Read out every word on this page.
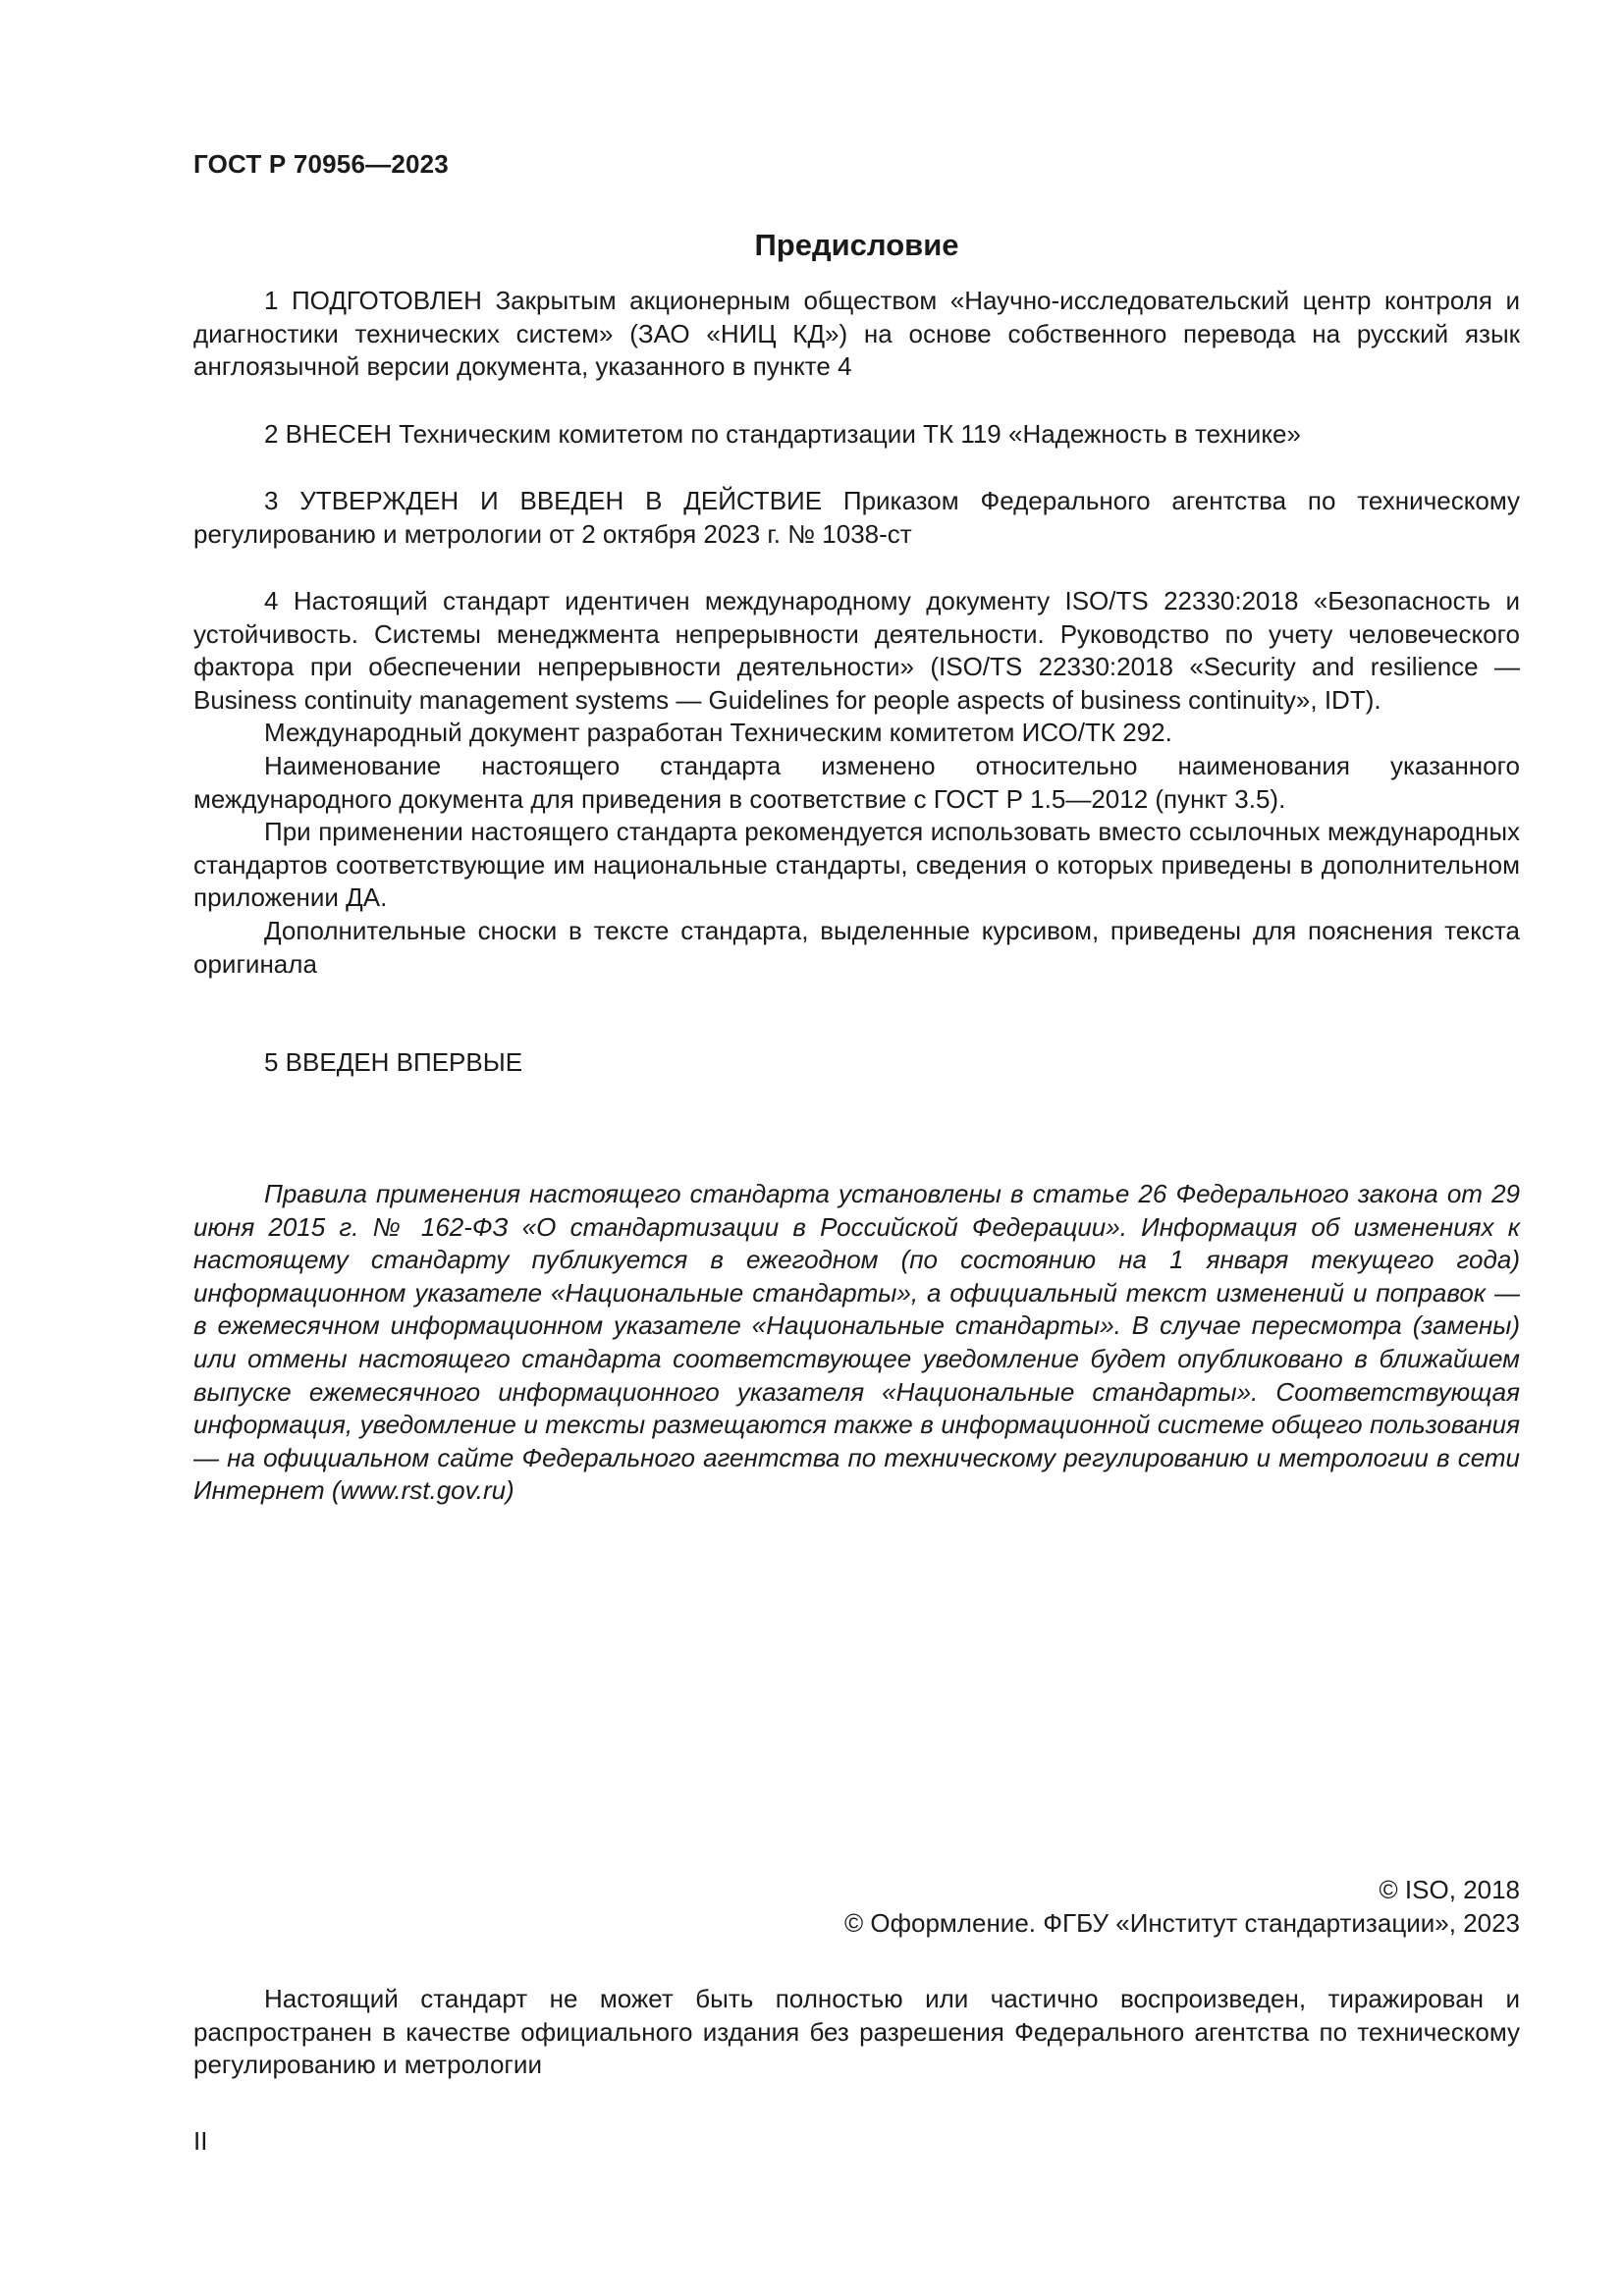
ГОСТ Р 70956—2023
Предисловие

1 ПОДГОТОВЛЕН Закрытым акционерным обществом «Научно-исследовательский центр контроля и диагностики технических систем» (ЗАО «НИЦ КД») на основе собственного перевода на русский язык англоязычной версии документа, указанного в пункте 4

2 ВНЕСЕН Техническим комитетом по стандартизации ТК 119 «Надежность в технике»

3 УТВЕРЖДЕН И ВВЕДЕН В ДЕЙСТВИЕ Приказом Федерального агентства по техническому регулированию и метрологии от 2 октября 2023 г. № 1038-ст

4 Настоящий стандарт идентичен международному документу ISO/TS 22330:2018 «Безопасность и устойчивость. Системы менеджмента непрерывности деятельности. Руководство по учету человеческого фактора при обеспечении непрерывности деятельности» (ISO/TS 22330:2018 «Security and resilience — Business continuity management systems — Guidelines for people aspects of business continuity», IDT).

Международный документ разработан Техническим комитетом ИСО/ТК 292.

Наименование настоящего стандарта изменено относительно наименования указанного международного документа для приведения в соответствие с ГОСТ Р 1.5—2012 (пункт 3.5).

При применении настоящего стандарта рекомендуется использовать вместо ссылочных международных стандартов соответствующие им национальные стандарты, сведения о которых приведены в дополнительном приложении ДА.

Дополнительные сноски в тексте стандарта, выделенные курсивом, приведены для пояснения текста оригинала

5 ВВЕДЕН ВПЕРВЫЕ

Правила применения настоящего стандарта установлены в статье 26 Федерального закона от 29 июня 2015 г. № 162-ФЗ «О стандартизации в Российской Федерации». Информация об изменениях к настоящему стандарту публикуется в ежегодном (по состоянию на 1 января текущего года) информационном указателе «Национальные стандарты», а официальный текст изменений и поправок — в ежемесячном информационном указателе «Национальные стандарты». В случае пересмотра (замены) или отмены настоящего стандарта соответствующее уведомление будет опубликовано в ближайшем выпуске ежемесячного информационного указателя «Национальные стандарты». Соответствующая информация, уведомление и тексты размещаются также в информационной системе общего пользования — на официальном сайте Федерального агентства по техническому регулированию и метрологии в сети Интернет (www.rst.gov.ru)

© ISO, 2018
© Оформление. ФГБУ «Институт стандартизации», 2023

Настоящий стандарт не может быть полностью или частично воспроизведен, тиражирован и распространен в качестве официального издания без разрешения Федерального агентства по техническому регулированию и метрологии

II
